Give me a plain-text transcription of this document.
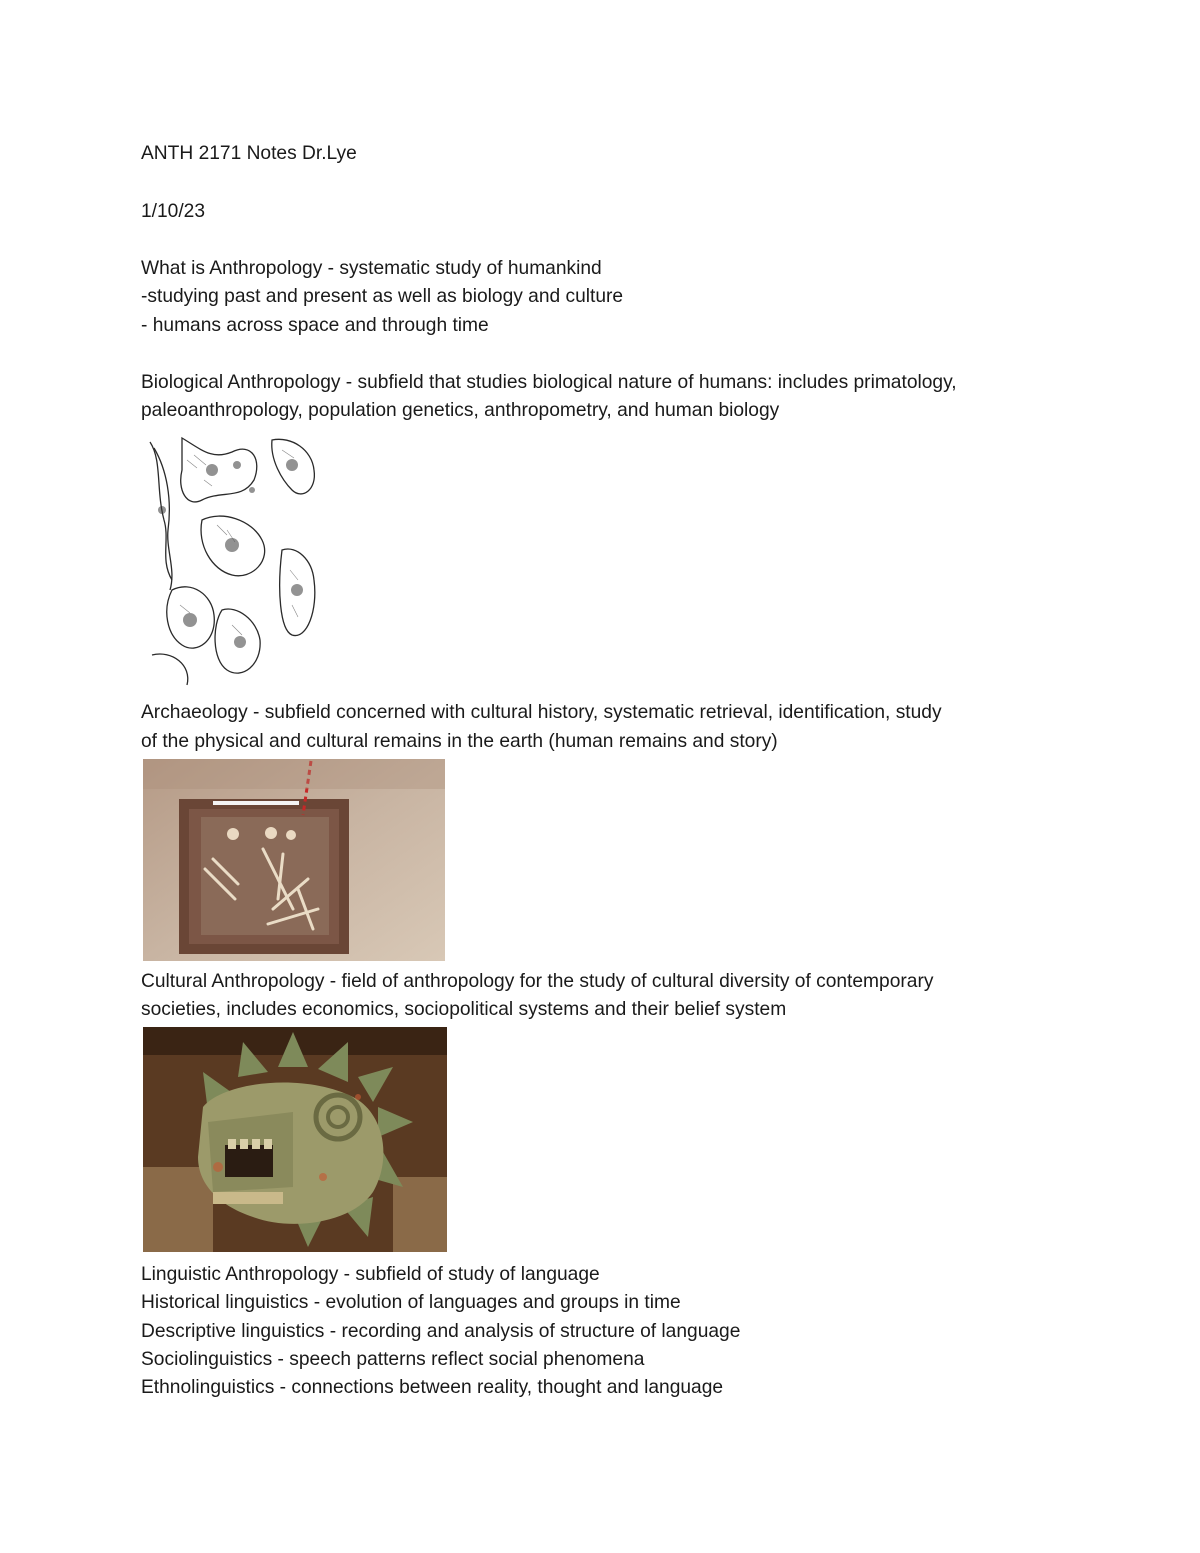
ANTH 2171 Notes Dr.Lye
1/10/23
What is Anthropology - systematic study of humankind
-studying past and present as well as biology and culture
- humans across space and through time
Biological Anthropology - subfield that studies biological nature of humans: includes primatology,
paleoanthropology, population genetics, anthropometry, and human biology
Archaeology - subfield concerned with cultural history, systematic retrieval, identification, study
of the physical and cultural remains in the earth (human remains and story)
Cultural Anthropology - field of anthropology for the study of cultural diversity of contemporary
societies, includes economics, sociopolitical systems and their belief system
Linguistic Anthropology - subfield of study of language
Historical linguistics - evolution of languages and groups in time
Descriptive linguistics - recording and analysis of structure of language
Sociolinguistics - speech patterns reflect social phenomena
Ethnolinguistics - connections between reality, thought and language
